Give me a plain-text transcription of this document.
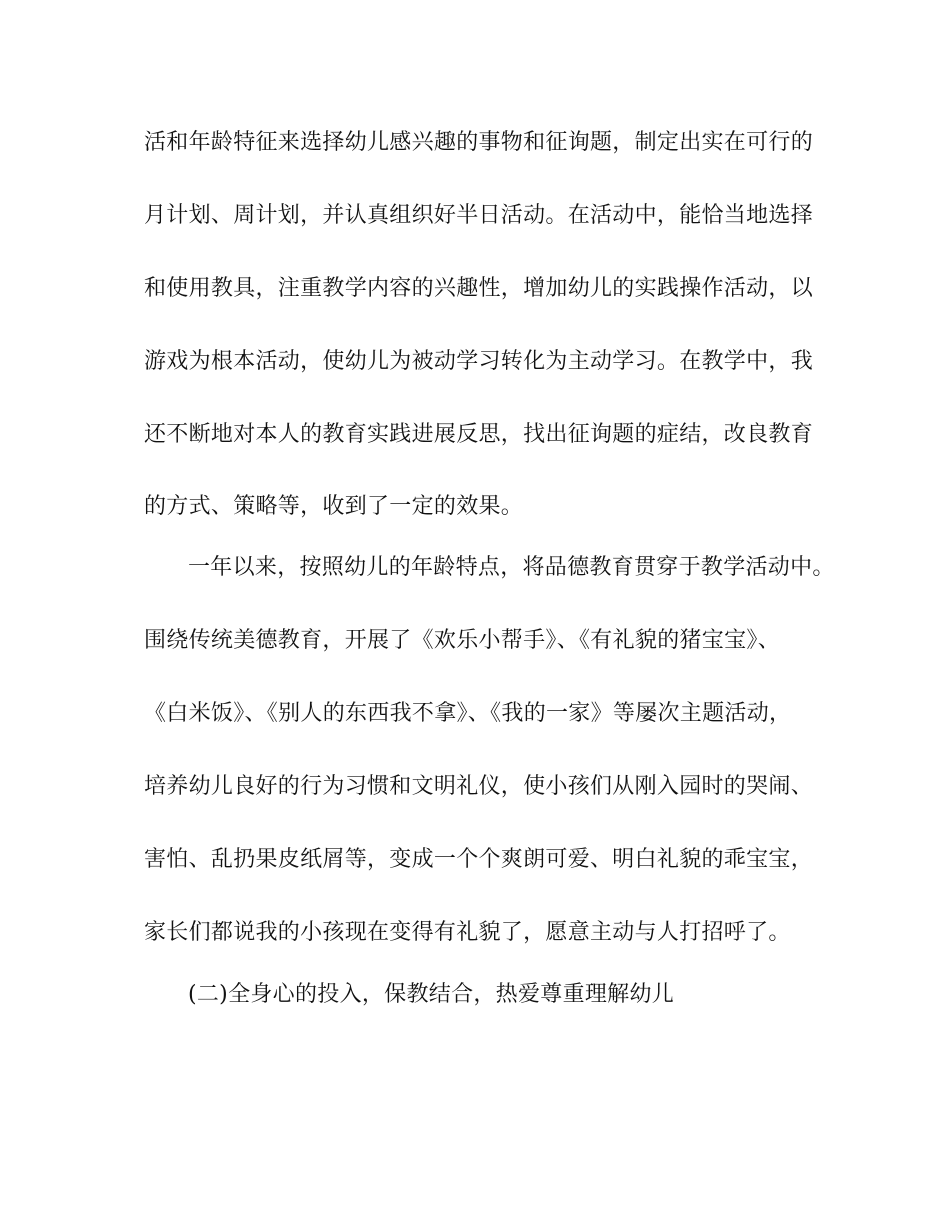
活和年龄特征来选择幼儿感兴趣的事物和征询题，制定出实在可行的

月计划、周计划，并认真组织好半日活动。在活动中，能恰当地选择

和使用教具，注重教学内容的兴趣性，增加幼儿的实践操作活动，以

游戏为根本活动，使幼儿为被动学习转化为主动学习。在教学中，我

还不断地对本人的教育实践进展反思，找出征询题的症结，改良教育

的方式、策略等，收到了一定的效果。

一年以来，按照幼儿的年龄特点，将品德教育贯穿于教学活动中。

围绕传统美德教育，开展了《欢乐小帮手》、《有礼貌的猪宝宝》、

《白米饭》、《别人的东西我不拿》、《我的一家》等屡次主题活动，

培养幼儿良好的行为习惯和文明礼仪，使小孩们从刚入园时的哭闹、

害怕、乱扔果皮纸屑等，变成一个个爽朗可爱、明白礼貌的乖宝宝，

家长们都说我的小孩现在变得有礼貌了，愿意主动与人打招呼了。

(二)全身心的投入，保教结合，热爱尊重理解幼儿
